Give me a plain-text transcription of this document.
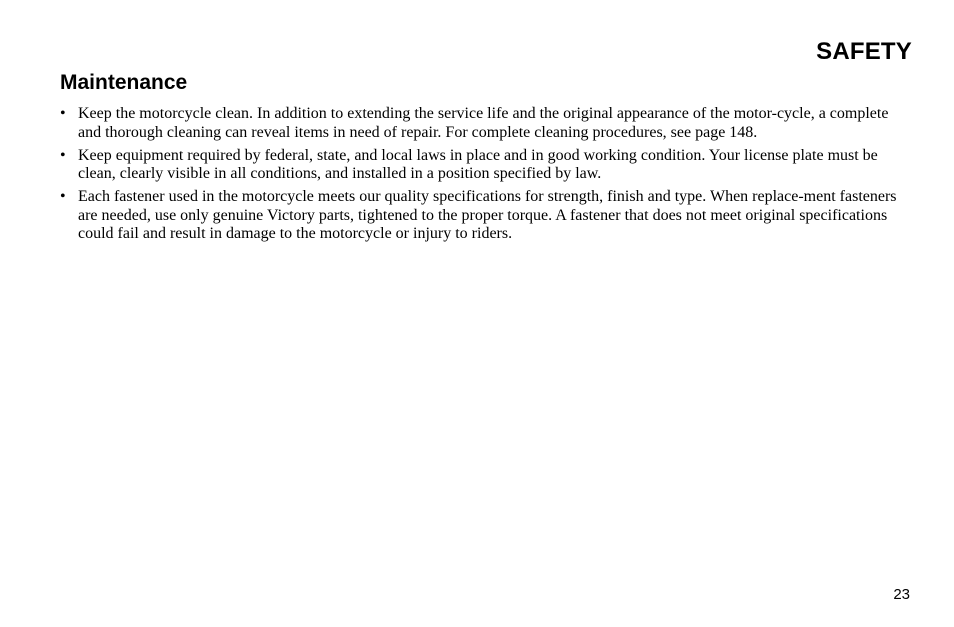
SAFETY
Maintenance
• Keep the motorcycle clean. In addition to extending the service life and the original appearance of the motor-cycle, a complete and thorough cleaning can reveal items in need of repair. For complete cleaning procedures, see page 148.
• Keep equipment required by federal, state, and local laws in place and in good working condition. Your license plate must be clean, clearly visible in all conditions, and installed in a position specified by law.
• Each fastener used in the motorcycle meets our quality specifications for strength, finish and type. When replace-ment fasteners are needed, use only genuine Victory parts, tightened to the proper torque. A fastener that does not meet original specifications could fail and result in damage to the motorcycle or injury to riders.

23
